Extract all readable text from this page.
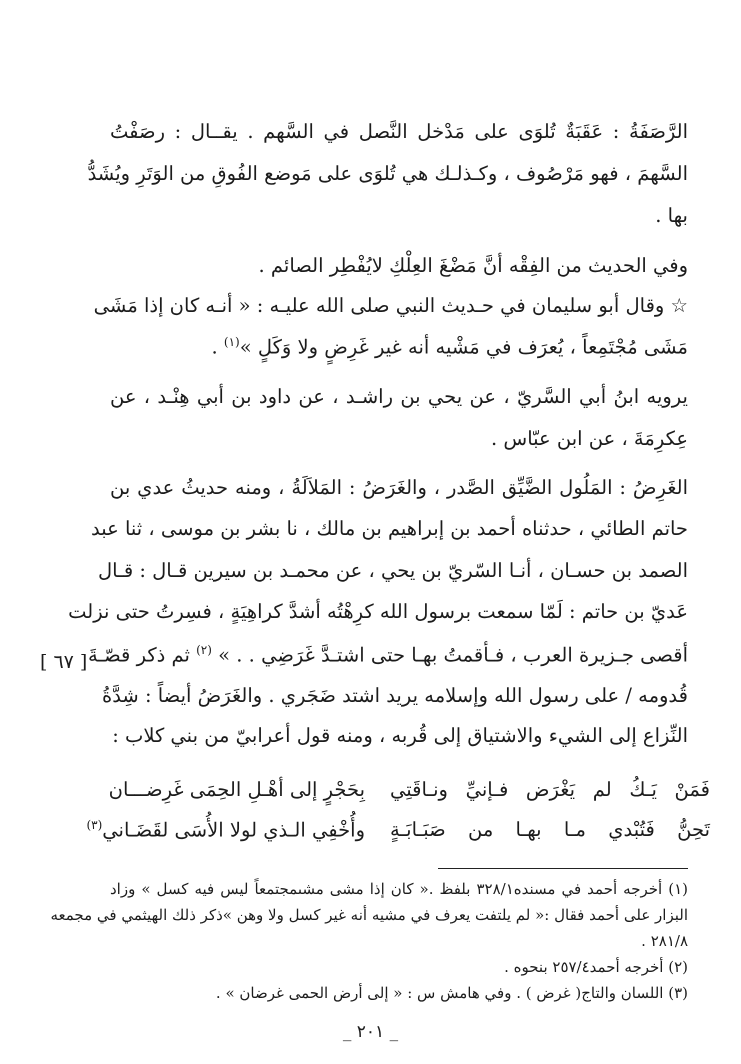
الرَّصَفَةُ : عَقَبَةٌ تُلوَى على مَدْخل النَّصل في السَّهم . يقــال : رصَفْتُ
السَّهمَ ، فهو مَرْصُوف ، وكـذلـك هي تُلوَى على مَوضع الفُوقِ من الوَتَرِ ويُشَدُّ
بها .
وفي الحديث من الفِقْه أنَّ مَضْغَ العِلْكِ لايُفْطِر الصائم .
☆ وقال أبو سليمان في حـديث النبي صلى الله عليـه : « أنـه كان إذا مَشَى
مَشَى مُجْتَمِعاً ، يُعرَف في مَشْيه أنه غير غَرِضٍ ولا وَكَلٍ »$^{(١)}$ .
يرويه ابنُ أبي السَّريّ ، عن يحي بن راشـد ، عن داود بن أبي هِنْـد ، عن
عِكرِمَةَ ، عن ابن عبّاس .
الغَرِضُ : المَلُول الضَّيِّق الصَّدر ، والغَرَضُ : المَلاَلَةُ ، ومنه حديثُ عدي بن
حاتم الطائي ، حدثناه أحمد بن إبراهيم بن مالك ، نا بشر بن موسى ، ثنا عبد
الصمد بن حسـان ، أنـا السّريّ بن يحي ، عن محمـد بن سيرين قـال : قـال
عَديّ بن حاتم : لَمّا سمعت برسول الله كرِهْتُه أشدَّ كراهِيَةٍ ، فسِرتُ حتى نزلت
أقصى جـزيرة العرب ، فـأقمتُ بهـا حتى اشتـدَّ غَرَضِي . . » $^{(٢)}$ ثم ذكر قصّـةَ
قُدومه / على رسول الله وإسلامه يريد اشتد ضَجَري . والغَرَضُ أيضاً : شِدَّةُ
النِّزاع إلى الشيء والاشتياق إلى قُربه ، ومنه قول أعرابيّ من بني كلاب :
[ ٦٧ ]
فَمَنْ يَـكُ لم يَغْرَض فـإنيِّ ونـاقَتِي
بِحَجْرٍ إلى أهْـلِ الحِمَى غَرِضـــان
تَحِنُّ فَتُبْدي مـا بهـا من صَبَـابَـةٍ
وأُخْفِي الـذي لولا الأُسَى لقَضَـاني$^{(٣)}$
(١) أخرجه أحمد في مسنده٣٢٨/١ بلفظ .« كان إذا مشى مشىمجتمعاً ليس فيه كسل » وزاد
البزار على أحمد فقال :« لم يلتفت يعرف في مشيه أنه غير كسل ولا وهن »ذكر ذلك الهيثمي في مجمعه
٢٨١/٨ .
(٢) أخرجه أحمد٢٥٧/٤ بنحوه .
(٣) اللسان والتاج( غرض ) . وفي هامش س : « إلى أرض الحمى غرضان » .
_ ٢٠١ _
